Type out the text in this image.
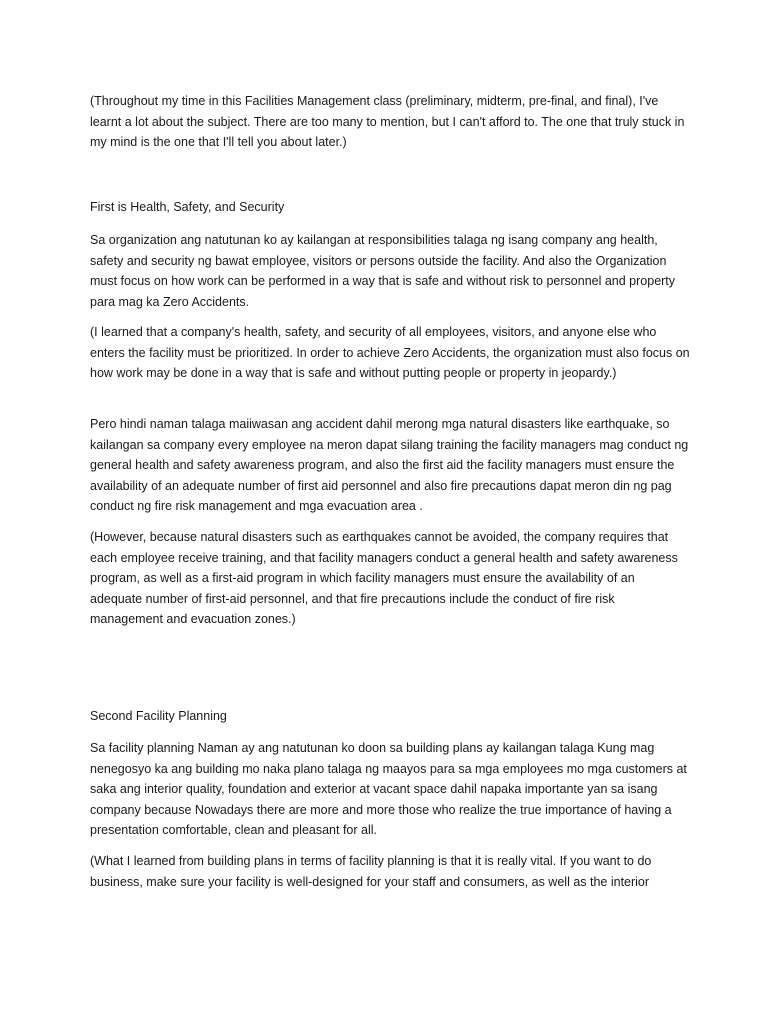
(Throughout my time in this Facilities Management class (preliminary, midterm, pre-final, and final), I've learnt a lot about the subject. There are too many to mention, but I can't afford to. The one that truly stuck in my mind is the one that I'll tell you about later.)

First is Health, Safety, and Security

Sa organization ang natutunan ko ay kailangan at responsibilities talaga ng isang company ang health, safety and security ng bawat employee, visitors or persons outside the facility. And also the Organization must focus on how work can be performed in a way that is safe and without risk to personnel and property para mag ka Zero Accidents.

(I learned that a company's health, safety, and security of all employees, visitors, and anyone else who enters the facility must be prioritized. In order to achieve Zero Accidents, the organization must also focus on how work may be done in a way that is safe and without putting people or property in jeopardy.)

Pero hindi naman talaga maiiwasan ang accident dahil merong mga natural disasters like earthquake, so kailangan sa company every employee na meron dapat silang training the facility managers mag conduct ng general health and safety awareness program, and also the first aid the facility managers must ensure the availability of an adequate number of first aid personnel and also fire precautions dapat meron din ng pag conduct ng fire risk management and mga evacuation area .

(However, because natural disasters such as earthquakes cannot be avoided, the company requires that each employee receive training, and that facility managers conduct a general health and safety awareness program, as well as a first-aid program in which facility managers must ensure the availability of an adequate number of first-aid personnel, and that fire precautions include the conduct of fire risk management and evacuation zones.)

Second Facility Planning

Sa facility planning Naman ay ang natutunan ko doon sa building plans ay kailangan talaga Kung mag nenegosyo ka ang building mo naka plano talaga ng maayos para sa mga employees mo mga customers at saka ang interior quality, foundation and exterior at vacant space dahil napaka importante yan sa isang company because Nowadays there are more and more those who realize the true importance of having a presentation comfortable, clean and pleasant for all.

(What I learned from building plans in terms of facility planning is that it is really vital. If you want to do business, make sure your facility is well-designed for your staff and consumers, as well as the interior
